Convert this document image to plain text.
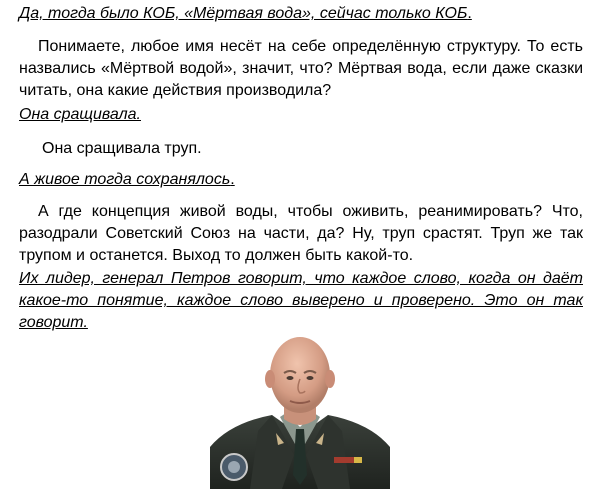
Да, тогда было КОБ, «Мёртвая вода», сейчас только КОБ.

Понимаете, любое имя несёт на себе определённую структуру. То есть назвались «Мёртвой водой», значит, что? Мёртвая вода, если даже сказки читать, она какие действия производила?

Она сращивала.

Она сращивала труп.

А живое тогда сохранялось.

А где концепция живой воды, чтобы оживить, реанимировать? Что, разодрали Советский Союз на части, да? Ну, труп срастят. Труп же так трупом и останется. Выход то должен быть какой-то.

Их лидер, генерал Петров говорит, что каждое слово, когда он даёт какое-то понятие, каждое слово выверено и проверено. Это он так говорит.
